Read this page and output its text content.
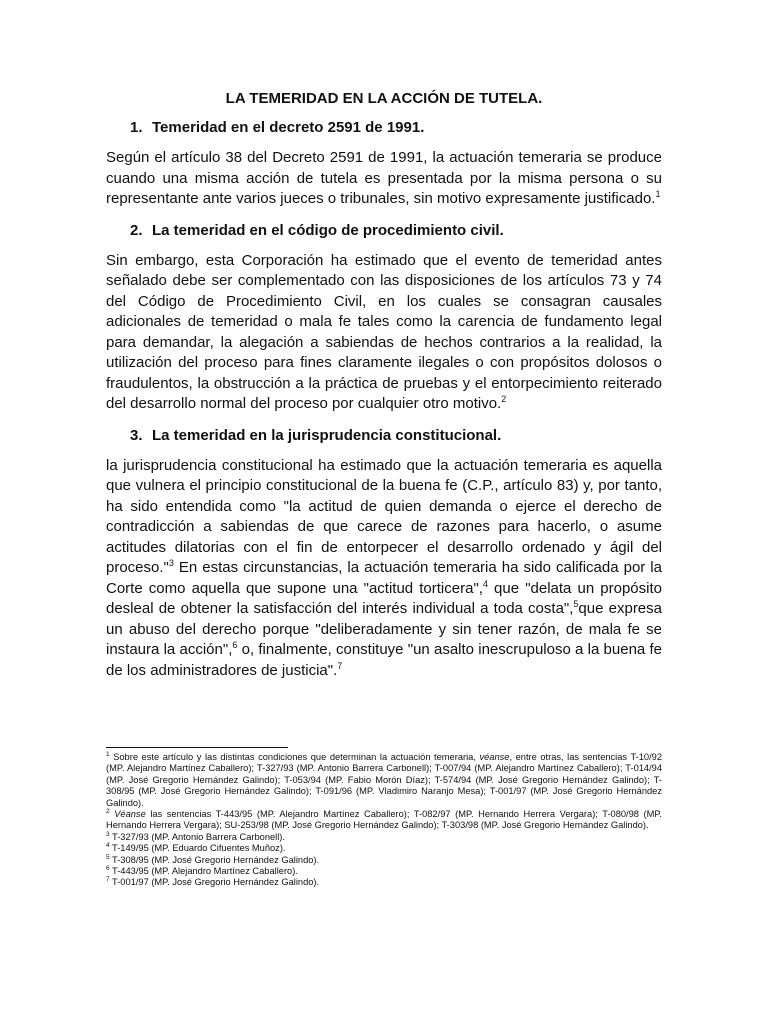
LA TEMERIDAD EN LA ACCIÓN DE TUTELA.
1. Temeridad en el decreto 2591 de 1991.

Según el artículo 38 del Decreto 2591 de 1991, la actuación temeraria se produce cuando una misma acción de tutela es presentada por la misma persona o su representante ante varios jueces o tribunales, sin motivo expresamente justificado.$^1$

2. La temeridad en el código de procedimiento civil.

Sin embargo, esta Corporación ha estimado que el evento de temeridad antes señalado debe ser complementado con las disposiciones de los artículos 73 y 74 del Código de Procedimiento Civil, en los cuales se consagran causales adicionales de temeridad o mala fe tales como la carencia de fundamento legal para demandar, la alegación a sabiendas de hechos contrarios a la realidad, la utilización del proceso para fines claramente ilegales o con propósitos dolosos o fraudulentos, la obstrucción a la práctica de pruebas y el entorpecimiento reiterado del desarrollo normal del proceso por cualquier otro motivo.$^2$

3. La temeridad en la jurisprudencia constitucional.

la jurisprudencia constitucional ha estimado que la actuación temeraria es aquella que vulnera el principio constitucional de la buena fe (C.P., artículo 83) y, por tanto, ha sido entendida como "la actitud de quien demanda o ejerce el derecho de contradicción a sabiendas de que carece de razones para hacerlo, o asume actitudes dilatorias con el fin de entorpecer el desarrollo ordenado y ágil del proceso."$^3$ En estas circunstancias, la actuación temeraria ha sido calificada por la Corte como aquella que supone una "actitud torticera",$^4$ que "delata un propósito desleal de obtener la satisfacción del interés individual a toda costa",$^5$que expresa un abuso del derecho porque "deliberadamente y sin tener razón, de mala fe se instaura la acción",$^6$ o, finalmente, constituye "un asalto inescrupuloso a la buena fe de los administradores de justicia".$^7$

$^1$ Sobre este artículo y las distintas condiciones que determinan la actuación temeraria, véanse, entre otras, las sentencias T-10/92 (MP. Alejandro Martínez Caballero); T-327/93 (MP. Antonio Barrera Carbonell); T-007/94 (MP. Alejandro Martínez Caballero); T-014/94 (MP. José Gregorio Hernández Galindo); T-053/94 (MP. Fabio Morón Díaz); T-574/94 (MP. José Gregorio Hernández Galindo); T-308/95 (MP. José Gregorio Hernández Galindo); T-091/96 (MP. Vladimiro Naranjo Mesa); T-001/97 (MP. José Gregorio Hernández Galindo).

$^2$ Véanse las sentencias T-443/95 (MP. Alejandro Martínez Caballero); T-082/97 (MP. Hernando Herrera Vergara); T-080/98 (MP. Hernando Herrera Vergara); SU-253/98 (MP. José Gregorio Hernández Galindo); T-303/98 (MP. José Gregorio Hernández Galindo).

$^3$ T-327/93 (MP. Antonio Barrera Carbonell).

$^4$ T-149/95 (MP. Eduardo Cifuentes Muñoz).

$^5$ T-308/95 (MP. José Gregorio Hernández Galindo).

$^6$ T-443/95 (MP. Alejandro Martínez Caballero).

$^7$ T-001/97 (MP. José Gregorio Hernández Galindo).
